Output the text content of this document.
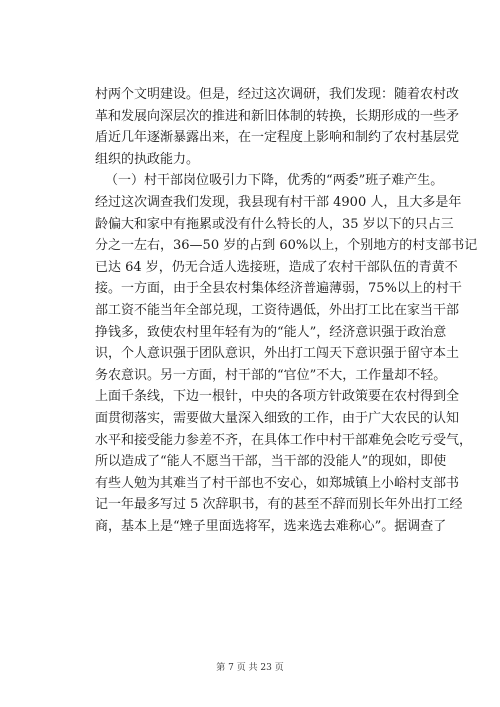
村两个文明建设。但是，经过这次调研，我们发现：随着农村改
革和发展向深层次的推进和新旧体制的转换，长期形成的一些矛
盾近几年逐渐暴露出来，在一定程度上影响和制约了农村基层党
组织的执政能力。
（一）村干部岗位吸引力下降，优秀的“两委”班子难产生。
经过这次调查我们发现，我县现有村干部 4900 人，且大多是年
龄偏大和家中有拖累或没有什么特长的人，35 岁以下的只占三
分之一左右，36—50 岁的占到 60%以上，个别地方的村支部书记
已达 64 岁，仍无合适人选接班，造成了农村干部队伍的青黄不
接。一方面，由于全县农村集体经济普遍薄弱，75%以上的村干
部工资不能当年全部兑现，工资待遇低，外出打工比在家当干部
挣钱多，致使农村里年轻有为的“能人”，经济意识强于政治意
识，个人意识强于团队意识，外出打工闯天下意识强于留守本土
务农意识。另一方面，村干部的“官位”不大，工作量却不轻。
上面千条线，下边一根针，中央的各项方针政策要在农村得到全
面贯彻落实，需要做大量深入细致的工作，由于广大农民的认知
水平和接受能力参差不齐，在具体工作中村干部难免会吃亏受气，
所以造成了“能人不愿当干部，当干部的没能人”的现如，即使
有些人勉为其难当了村干部也不安心，如郑城镇上小峪村支部书
记一年最多写过 5 次辞职书，有的甚至不辞而别长年外出打工经
商，基本上是“矬子里面选将军，选来选去难称心”。据调查了
第 7 页 共 23 页
